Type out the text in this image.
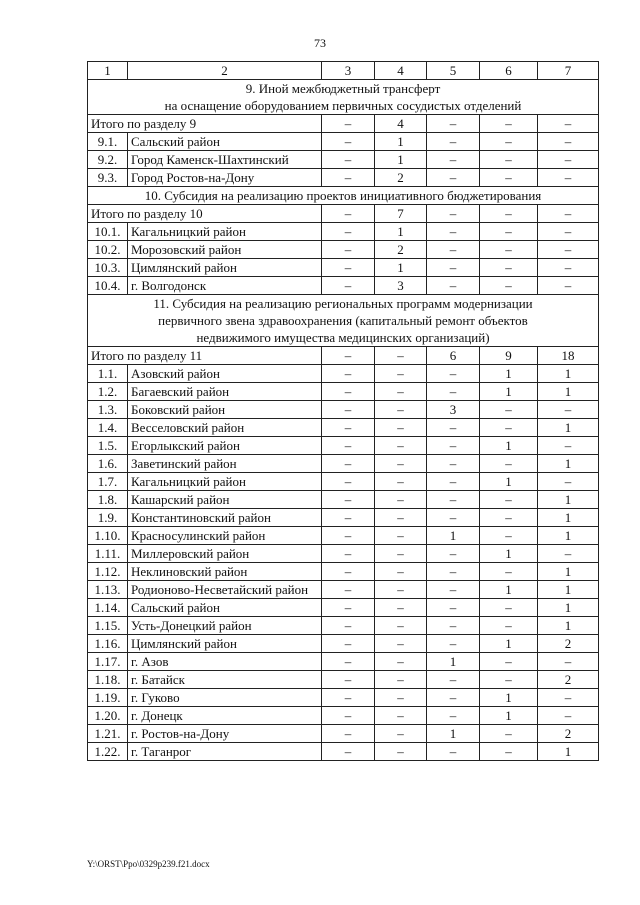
73
1	2	3	4	5	6	7

9. Иной межбюджетный трансферт
на оснащение оборудованием первичных сосудистых отделений						

Итого по разделу 9		–	4	–	–	–
9.1.	Сальский район	–	1	–	–	–
9.2.	Город Каменск-Шахтинский	–	1	–	–	–
9.3.	Город Ростов-на-Дону	–	2	–	–	–

10. Субсидия на реализацию проектов инициативного бюджетирования						

Итого по разделу 10		–	7	–	–	–
10.1.	Кагальницкий район	–	1	–	–	–
10.2.	Морозовский район	–	2	–	–	–
10.3.	Цимлянский район	–	1	–	–	–
10.4.	г. Волгодонск	–	3	–	–	–

11. Субсидия на реализацию региональных программ модернизации
первичного звена здравоохранения (капитальный ремонт объектов
недвижимого имущества медицинских организаций)						

Итого по разделу 11		–	–	6	9	18
1.1.	Азовский район	–	–	–	1	1
1.2.	Багаевский район	–	–	–	1	1
1.3.	Боковский район	–	–	3	–	–
1.4.	Весселовский район	–	–	–	–	1
1.5.	Егорлыкский район	–	–	–	1	–
1.6.	Заветинский район	–	–	–	–	1
1.7.	Кагальницкий район	–	–	–	1	–
1.8.	Кашарский район	–	–	–	–	1
1.9.	Константиновский район	–	–	–	–	1
1.10.	Красносулинский район	–	–	1	–	1
1.11.	Миллеровский район	–	–	–	1	–
1.12.	Неклиновский район	–	–	–	–	1
1.13.	Родионово-Несветайский район	–	–	–	1	1
1.14.	Сальский район	–	–	–	–	1
1.15.	Усть-Донецкий район	–	–	–	–	1
1.16.	Цимлянский район	–	–	–	1	2
1.17.	г. Азов	–	–	1	–	–
1.18.	г. Батайск	–	–	–	–	2
1.19.	г. Гуково	–	–	–	1	–
1.20.	г. Донецк	–	–	–	1	–
1.21.	г. Ростов-на-Дону	–	–	1	–	2
1.22.	г. Таганрог	–	–	–	–	1
Y:\ORST\Ppo\0329p239.f21.docx
